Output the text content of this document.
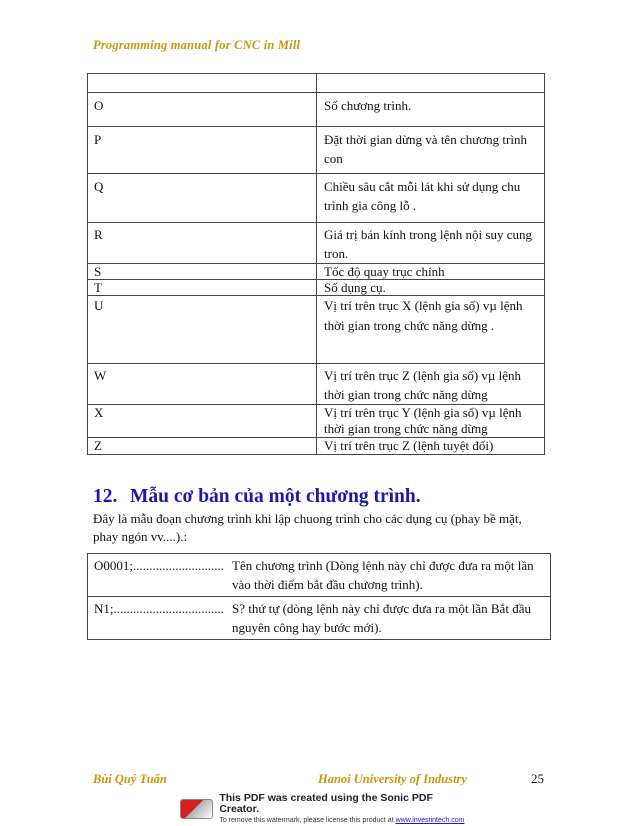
Programming manual for CNC in Mill

O	Số chương trình.
P	Đặt thời gian dừng và tên chương trình con
Q	Chiều sâu cắt mỗi lát khi sử dụng chu trình gia công lỗ .
R	Giá trị bán kính trong lệnh nội suy cung tron.
S	Tốc độ quay trục chính
T	Số dụng cụ.
U	Vị trí trên trục X (lệnh gia số) vµ lệnh thời gian trong chức năng dừng .
W	Vị trí trên trục Z (lệnh gia số) vµ lệnh thời gian trong chức năng dừng
X	Vị trí trên trục Y (lệnh gia số) vµ lệnh thời gian trong chức năng dừng
Z	Vị trí trên trục Z (lệnh tuyệt đối)
12. Mẫu cơ bản của một chương trình.
Đây là mẫu đoạn chương trình khi lập chuong trình cho các dụng cụ (phay bề mặt, phay ngón vv....).:
O0001;............................ Tên chương trình (Dòng lệnh này chỉ được đưa ra một lần vào thời điểm bắt đầu chương trình).

N1;.................................. S? thứ tự (dòng lệnh này chỉ được đưa ra một lần Bắt đầu nguyên công hay bước mới).
Bùi Quý Tuấn	Hanoi University of Industry	25
This PDF was created using the Sonic PDF Creator.
To remove this watermark, please license this product at www.investintech.com
